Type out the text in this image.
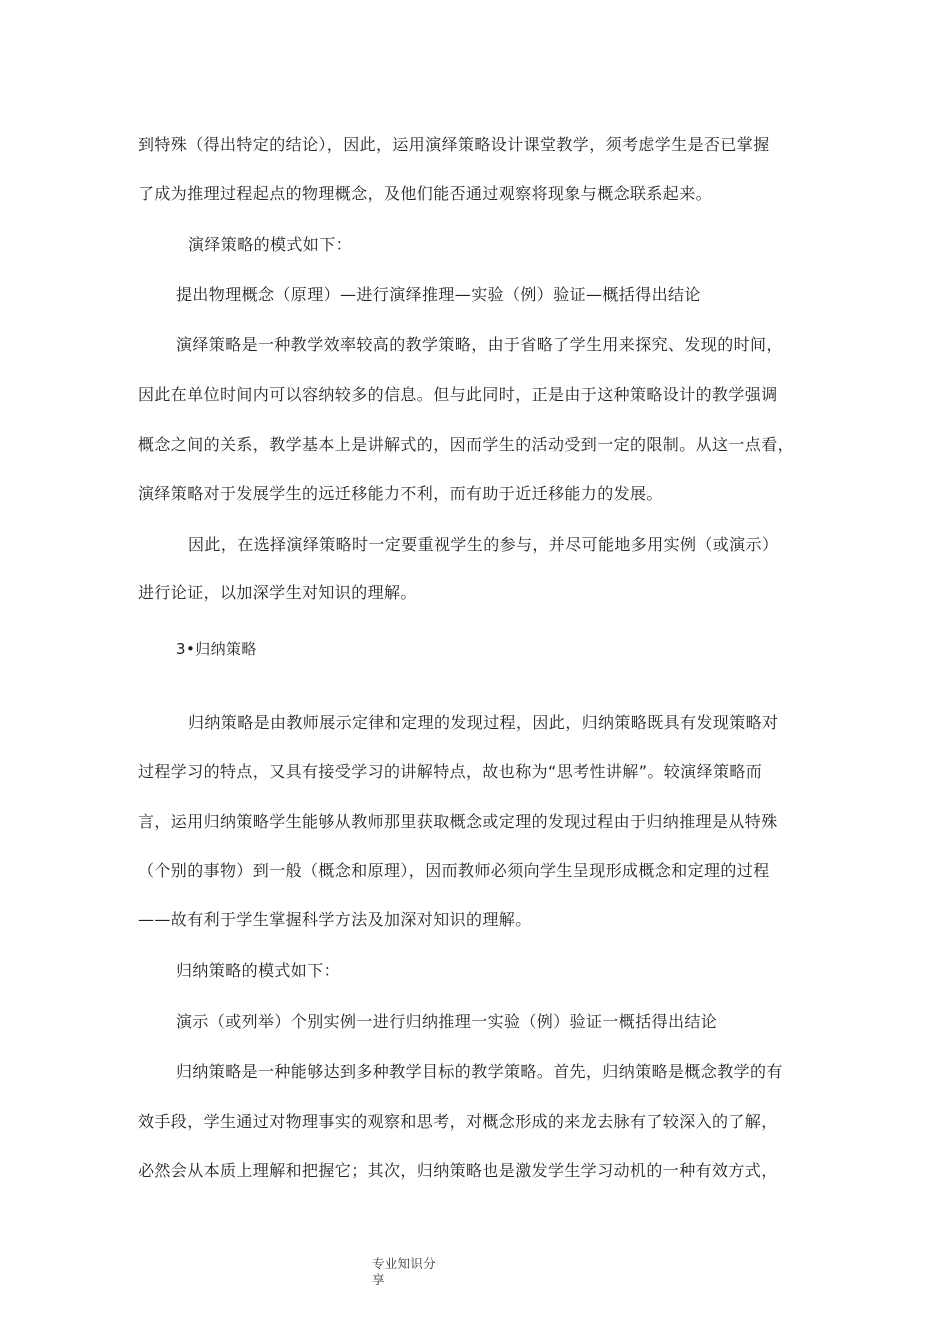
到特殊（得出特定的结论），因此，运用演绎策略设计课堂教学，须考虑学生是否已掌握
了成为推理过程起点的物理概念，及他们能否通过观察将现象与概念联系起来。
演绎策略的模式如下：
提出物理概念（原理）—进行演绎推理—实验（例）验证—概括得出结论
演绎策略是一种教学效率较高的教学策略，由于省略了学生用来探究、发现的时间，
因此在单位时间内可以容纳较多的信息。但与此同时，正是由于这种策略设计的教学强调
概念之间的关系，教学基本上是讲解式的，因而学生的活动受到一定的限制。从这一点看，
演绎策略对于发展学生的远迁移能力不利，而有助于近迁移能力的发展。
因此，在选择演绎策略时一定要重视学生的参与，并尽可能地多用实例（或演示）
进行论证，以加深学生对知识的理解。
3•归纳策略
归纳策略是由教师展示定律和定理的发现过程，因此，归纳策略既具有发现策略对
过程学习的特点，又具有接受学习的讲解特点，故也称为“思考性讲解”。较演绎策略而
言，运用归纳策略学生能够从教师那里获取概念或定理的发现过程由于归纳推理是从特殊
（个别的事物）到一般（概念和原理），因而教师必须向学生呈现形成概念和定理的过程
——故有利于学生掌握科学方法及加深对知识的理解。
归纳策略的模式如下：
演示（或列举）个别实例一进行归纳推理一实验（例）验证一概括得出结论
归纳策略是一种能够达到多种教学目标的教学策略。首先，归纳策略是概念教学的有
效手段，学生通过对物理事实的观察和思考，对概念形成的来龙去脉有了较深入的了解，
必然会从本质上理解和把握它；其次，归纳策略也是激发学生学习动机的一种有效方式，
专业知识分
享
